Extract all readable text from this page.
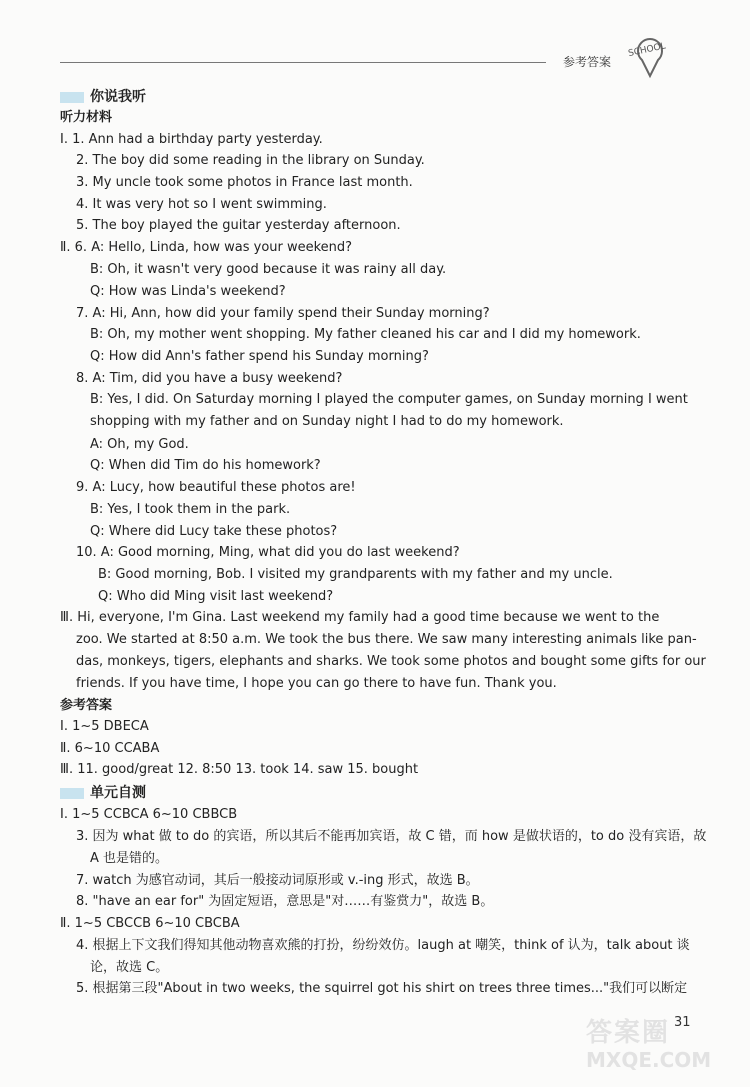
参考答案
SCHOOL
你说我听
听力材料
Ⅰ. 1. Ann had a birthday party yesterday.
2. The boy did some reading in the library on Sunday.
3. My uncle took some photos in France last month.
4. It was very hot so I went swimming.
5. The boy played the guitar yesterday afternoon.
Ⅱ. 6. A: Hello, Linda, how was your weekend?
B: Oh, it wasn't very good because it was rainy all day.
Q: How was Linda's weekend?
7. A: Hi, Ann, how did your family spend their Sunday morning?
B: Oh, my mother went shopping. My father cleaned his car and I did my homework.
Q: How did Ann's father spend his Sunday morning?
8. A: Tim, did you have a busy weekend?
B: Yes, I did. On Saturday morning I played the computer games, on Sunday morning I went
shopping with my father and on Sunday night I had to do my homework.
A: Oh, my God.
Q: When did Tim do his homework?
9. A: Lucy, how beautiful these photos are!
B: Yes, I took them in the park.
Q: Where did Lucy take these photos?
10. A: Good morning, Ming, what did you do last weekend?
B: Good morning, Bob. I visited my grandparents with my father and my uncle.
Q: Who did Ming visit last weekend?
Ⅲ. Hi, everyone, I'm Gina. Last weekend my family had a good time because we went to the
zoo. We started at 8:50 a.m. We took the bus there. We saw many interesting animals like pan-
das, monkeys, tigers, elephants and sharks. We took some photos and bought some gifts for our
friends. If you have time, I hope you can go there to have fun. Thank you.
参考答案
Ⅰ. 1~5 DBECA
Ⅱ. 6~10 CCABA
Ⅲ. 11. good/great 12. 8:50 13. took 14. saw 15. bought
单元自测
Ⅰ. 1~5 CCBCA 6~10 CBBCB
3. 因为 what 做 to do 的宾语，所以其后不能再加宾语，故 C 错，而 how 是做状语的，to do 没有宾语，故
A 也是错的。
7. watch 为感官动词，其后一般接动词原形或 v.-ing 形式，故选 B。
8. "have an ear for" 为固定短语，意思是"对……有鉴赏力"，故选 B。
Ⅱ. 1~5 CBCCB 6~10 CBCBA
4. 根据上下文我们得知其他动物喜欢熊的打扮，纷纷效仿。laugh at 嘲笑，think of 认为，talk about 谈
论，故选 C。
5. 根据第三段"About in two weeks, the squirrel got his shirt on trees three times..."我们可以断定
答案圈
MXQE.COM
31
